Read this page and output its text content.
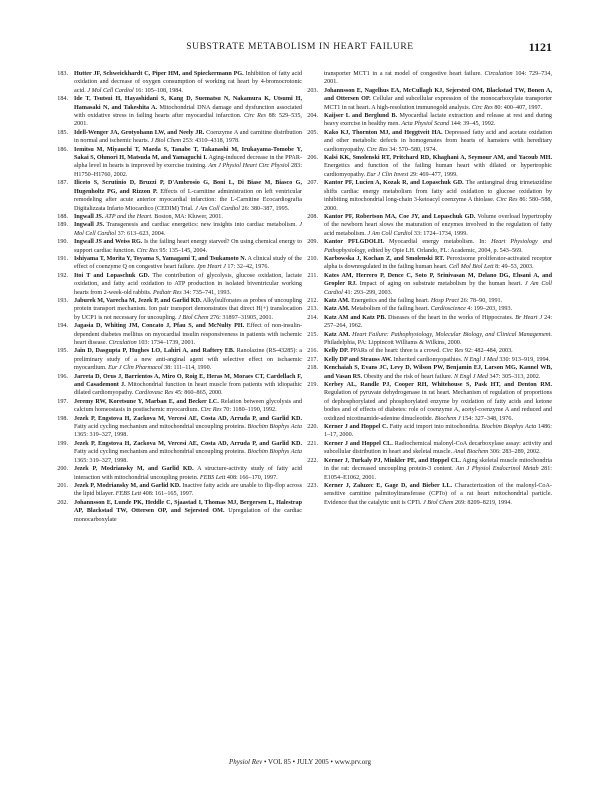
SUBSTRATE METABOLISM IN HEART FAILURE	1121

183. Hutter JF, Schweickhardt C, Piper HM, and Spieckermann PG. Inhibition of fatty acid oxidation and decrease of oxygen consumption of working rat heart by 4-bromocrotonic acid. J Mol Cell Cardiol 16: 105–108, 1984.

184. Ide T, Tsutsui H, Hayashidani S, Kang D, Suematsu N, Nakamura K, Utsumi H, Hamasaki N, and Takeshita A. Mitochondrial DNA damage and dysfunction associated with oxidative stress in failing hearts after myocardial infarction. Circ Res 88: 529–535, 2001.

185. Idell-Wenger JA, Grotyohann LW, and Neely JR. Coenzyme A and carnitine distribution in normal and ischemic hearts. J Biol Chem 253: 4310–4318, 1978.

186. Iemitsu M, Miyauchi T, Maeda S, Tanabe T, Takanashi M, Irukayama-Tomobe Y, Sakai S, Ohmori H, Matsuda M, and Yamaguchi I. Aging-induced decrease in the PPAR-alpha level in hearts is improved by exercise training. Am J Physiol Heart Circ Physiol 283: H1750–H1760, 2002.

187. Iliceto S, Scrutinio D, Bruzzi P, D'Ambrosio G, Boni L, Di Biase M, Biasco G, Hugenholtz PG, and Rizzon P. Effects of L-carnitine administration on left ventricular remodeling after acute anterior myocardial infarction: the L-Carnitine Ecocardiografia Digitalizzata Infarto Miocardico (CEDIM) Trial. J Am Coll Cardiol 26: 380–387, 1995.

188. Ingwall JS. ATP and the Heart. Boston, MA: Kluwer, 2001.

189. Ingwall JS. Transgenesis and cardiac energetics: new insights into cardiac metabolism. J Mol Cell Cardiol 37: 613–623, 2004.

190. Ingwall JS and Weiss RG. Is the failing heart energy starved? On using chemical energy to support cardiac function. Circ Res 95: 135–145, 2004.

191. Ishiyama T, Morita Y, Toyama S, Yamagami T, and Tsukamoto N. A clinical study of the effect of coenzyme Q on congestive heart failure. Jpn Heart J 17: 32–42, 1976.

192. Itoi T and Lopaschuk GD. The contribution of glycolysis, glucose oxidation, lactate oxidation, and fatty acid oxidation to ATP production in isolated biventricular working hearts from 2-week-old rabbits. Pediatr Res 34: 735–741, 1993.

193. Jaburek M, Varecha M, Jezek P, and Garlid KD. Alkylsulfonates as probes of uncoupling protein transport mechanism. Ion pair transport demonstrates that direct H(+) translocation by UCP1 is not necessary for uncoupling. J Biol Chem 276: 31897–31905, 2001.

194. Jagasia D, Whiting JM, Concato J, Pfau S, and McNulty PH. Effect of non-insulin-dependent diabetes mellitus on myocardial insulin responsiveness in patients with ischemic heart disease. Circulation 103: 1734–1739, 2001.

195. Jain D, Dasgupta P, Hughes LO, Lahiri A, and Raftery EB. Ranolazine (RS-43285): a preliminary study of a new anti-anginal agent with selective effect on ischaemic myocardium. Eur J Clin Pharmacol 38: 111–114, 1990.

196. Jarreta D, Orus J, Barrientos A, Miro O, Roig E, Heras M, Moraes CT, Cardellach F, and Casademont J. Mitochondrial function in heart muscle from patients with idiopathic dilated cardiomyopathy. Cardiovasc Res 45: 860–865, 2000.

197. Jeremy RW, Koretsune Y, Marban E, and Becker LC. Relation between glycolysis and calcium homeostasis in postischemic myocardium. Circ Res 70: 1180–1190, 1992.

198. Jezek P, Engstova H, Zackova M, Vercesi AE, Costa AD, Arruda P, and Garlid KD. Fatty acid cycling mechanism and mitochondrial uncoupling proteins. Biochim Biophys Acta 1365: 319–327, 1998.

199. Jezek P, Engstova H, Zackova M, Vercesi AE, Costa AD, Arruda P, and Garlid KD. Fatty acid cycling mechanism and mitochondrial uncoupling proteins. Biochim Biophys Acta 1365: 319–327, 1998.

200. Jezek P, Modriansky M, and Garlid KD. A structure-activity study of fatty acid interaction with mitochondrial uncoupling protein. FEBS Lett 408: 166–170, 1997.

201. Jezek P, Modriansky M, and Garlid KD. Inactive fatty acids are unable to flip-flop across the lipid bilayer. FEBS Lett 408: 161–165, 1997.

202. Johannsson E, Lunde PK, Heddle C, Sjaastad I, Thomas MJ, Bergersen L, Halestrap AP, Blackstad TW, Ottersen OP, and Sejersted OM. Upregulation of the cardiac monocarboxylate

transporter MCT1 in a rat model of congestive heart failure. Circulation 104: 729–734, 2001.

203. Johannsson E, Nagelhus EA, McCullagh KJ, Sejersted OM, Blackstad TW, Bonen A, and Ottersen OP. Cellular and subcellular expression of the monocarboxylate transporter MCT1 in rat heart. A high-resolution immunogold analysis. Circ Res 80: 400–407, 1997.

204. Kaijser L and Berglund B. Myocardial lactate extraction and release at rest and during heavy exercise in healthy men. Acta Physiol Scand 144: 39–45, 1992.

205. Kako KJ, Thornton MJ, and Heggtveit HA. Depressed fatty acid and acetate oxidation and other metabolic defects in homogenates from hearts of hamsters with hereditary cardiomyopathy. Circ Res 34: 570–580, 1974.

206. Kalsi KK, Smolenski RT, Pritchard RD, Khaghani A, Seymour AM, and Yacoub MH. Energetics and function of the failing human heart with dilated or hypertrophic cardiomyopathy. Eur J Clin Invest 29: 469–477, 1999.

207. Kantor PF, Lucien A, Kozak R, and Lopaschuk GD. The antianginal drug trimetazidine shifts cardiac energy metabolism from fatty acid oxidation to glucose oxidation by inhibiting mitochondrial long-chain 3-ketoacyl coenzyme A thiolase. Circ Res 86: 580–588, 2000.

208. Kantor PF, Robertson MA, Coe JY, and Lopaschuk GD. Volume overload hypertrophy of the newborn heart slows the maturation of enzymes involved in the regulation of fatty acid metabolism. J Am Coll Cardiol 33: 1724–1734, 1999.

209. Kantor PFLGDOLH. Myocardial energy metabolism. In: Heart Physiology and Pathophysiology, edited by Opie LH. Orlando, FL: Academic, 2004, p. 543–569.

210. Karbowska J, Kochan Z, and Smolenski RT. Peroxisome proliferator-activated receptor alpha is downregulated in the failing human heart. Cell Mol Biol Lett 8: 49–53, 2003.

211. Kates AM, Herrero P, Dence C, Soto P, Srinivasan M, Delano DG, Ehsani A, and Gropler RJ. Impact of aging on substrate metabolism by the human heart. J Am Coll Cardiol 41: 293–299, 2003.

212. Katz AM. Energetics and the failing heart. Hosp Pract 26: 78–90, 1991.

213. Katz AM. Metabolism of the failing heart. Cardioscience 4: 199–203, 1993.

214. Katz AM and Katz PB. Diseases of the heart in the works of Hippocrates. Br Heart J 24: 257–264, 1962.

215. Katz AM. Heart Failure: Pathophysiology, Molecular Biology, and Clinical Management. Philadelphia, PA: Lippincott Williams & Wilkins, 2000.

216. Kelly DP. PPARs of the heart: three is a crowd. Circ Res 92: 482–484, 2003.

217. Kelly DP and Strauss AW. Inherited cardiomyopathies. N Engl J Med 330: 913–919, 1994.

218. Kenchaiah S, Evans JC, Levy D, Wilson PW, Benjamin EJ, Larson MG, Kannel WB, and Vasan RS. Obesity and the risk of heart failure. N Engl J Med 347: 305–313, 2002.

219. Kerbey AL, Randle PJ, Cooper RH, Whitehouse S, Pask HT, and Denton RM. Regulation of pyruvate dehydrogenase in rat heart. Mechanism of regulation of proportions of dephosphorylated and phosphorylated enzyme by oxidation of fatty acids and ketone bodies and of effects of diabetes: role of coenzyme A, acetyl-coenzyme A and reduced and oxidized nicotinamide-adenine dinucleotide. Biochem J 154: 327–348, 1976.

220. Kerner J and Hoppel C. Fatty acid import into mitochondria. Biochim Biophys Acta 1486: 1–17, 2000.

221. Kerner J and Hoppel CL. Radiochemical malonyl-CoA decarboxylase assay: activity and subcellular distribution in heart and skeletal muscle. Anal Biochem 306: 283–289, 2002.

222. Kerner J, Turkaly PJ, Minkler PE, and Hoppel CL. Aging skeletal muscle mitochondria in the rat: decreased uncoupling protein-3 content. Am J Physiol Endocrinol Metab 281: E1054–E1062, 2001.

223. Kerner J, Zaluzec E, Gage D, and Bieber LL. Characterization of the malonyl-CoA-sensitive carnitine palmitoyltransferase (CPTo) of a rat heart mitochondrial particle. Evidence that the catalytic unit is CPTi. J Biol Chem 269: 8209–8219, 1994.

Physiol Rev • VOL 85 • JULY 2005 • www.prv.org
